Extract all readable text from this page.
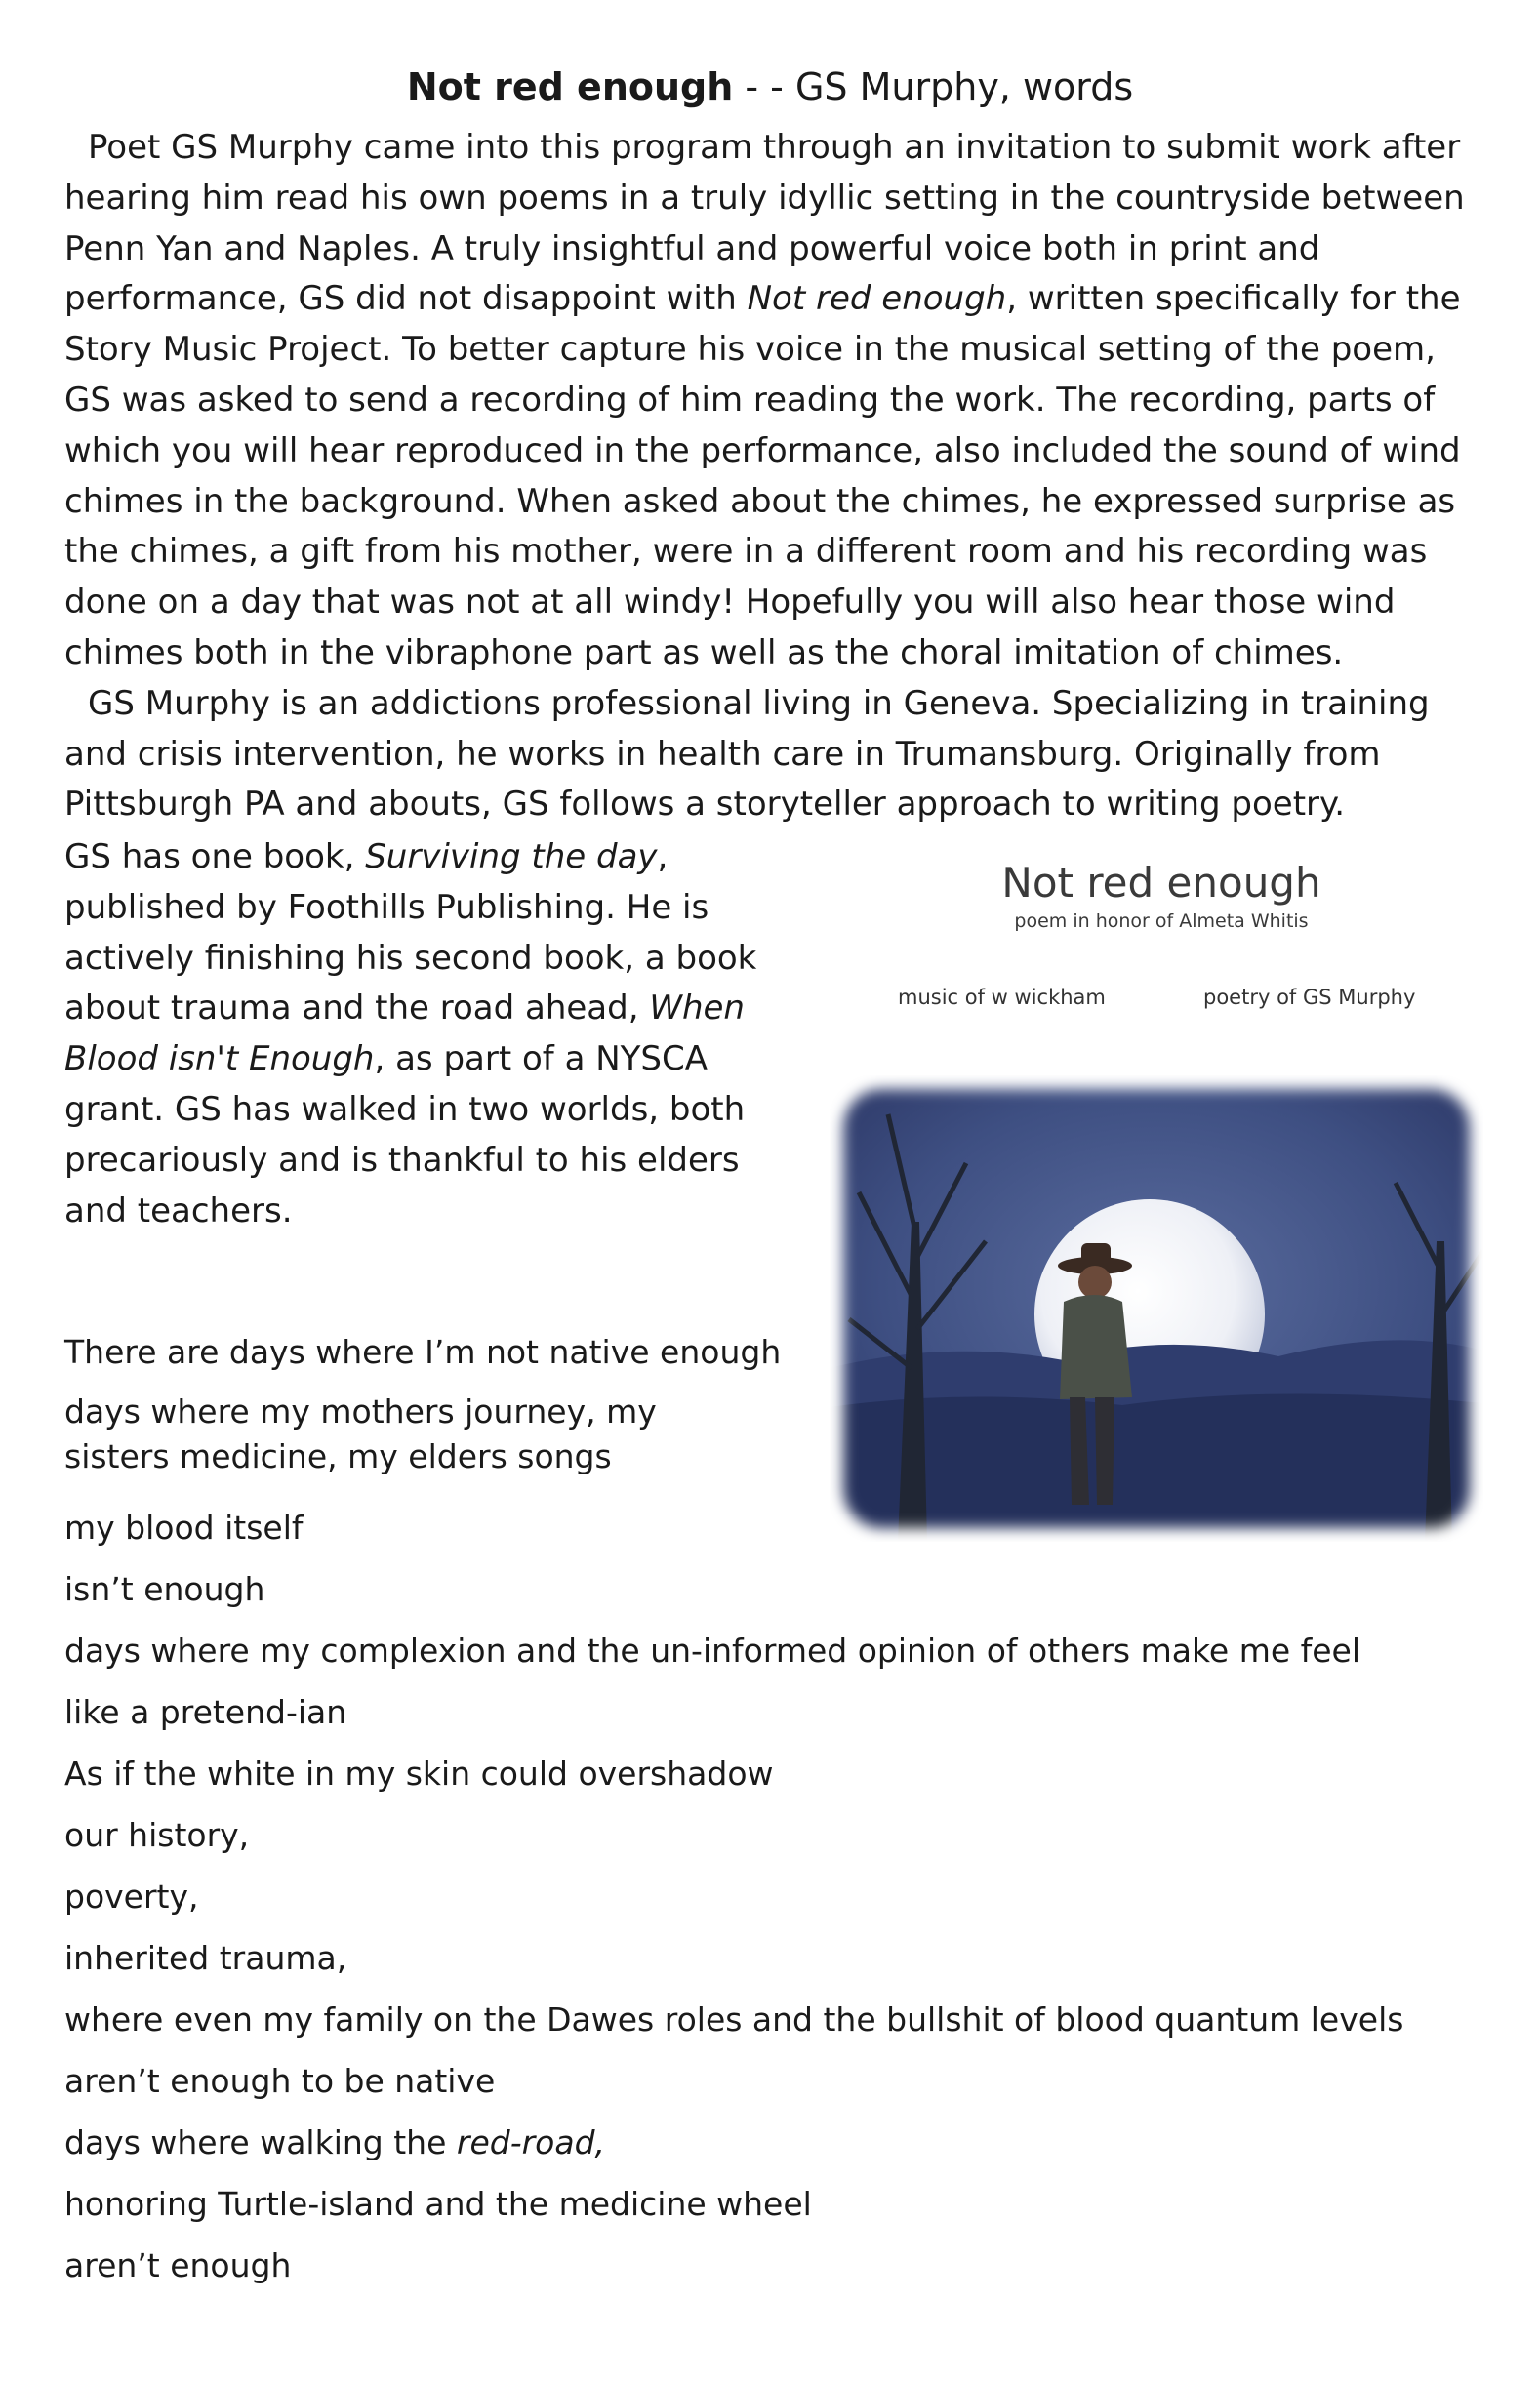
Not red enough - - GS Murphy, words

Poet GS Murphy came into this program through an invitation to submit work after hearing him read his own poems in a truly idyllic setting in the countryside between Penn Yan and Naples. A truly insightful and powerful voice both in print and performance, GS did not disappoint with Not red enough, written specifically for the Story Music Project. To better capture his voice in the musical setting of the poem, GS was asked to send a recording of him reading the work. The recording, parts of which you will hear reproduced in the performance, also included the sound of wind chimes in the background. When asked about the chimes, he expressed surprise as the chimes, a gift from his mother, were in a different room and his recording was done on a day that was not at all windy! Hopefully you will also hear those wind chimes both in the vibraphone part as well as the choral imitation of chimes.

GS Murphy is an addictions professional living in Geneva. Specializing in training and crisis intervention, he works in health care in Trumansburg. Originally from Pittsburgh PA and abouts, GS follows a storyteller approach to writing poetry.

GS has one book, Surviving the day, published by Foothills Publishing. He is actively finishing his second book, a book about trauma and the road ahead, When Blood isn't Enough, as part of a NYSCA grant. GS has walked in two worlds, both precariously and is thankful to his elders and teachers.
Not red enough
poem in honor of Almeta Whitis
music of w wickham	poetry of GS Murphy
There are days where I’m not native enough
days where my mothers journey, my sisters medicine, my elders songs
my blood itself
isn’t enough
days where my complexion and the un-informed opinion of others make me feel
like a pretend-ian
As if the white in my skin could overshadow
our history,
poverty,
inherited trauma,
where even my family on the Dawes roles and the bullshit of blood quantum levels
aren’t enough to be native
days where walking the red-road,
honoring Turtle-island and the medicine wheel
aren’t enough
